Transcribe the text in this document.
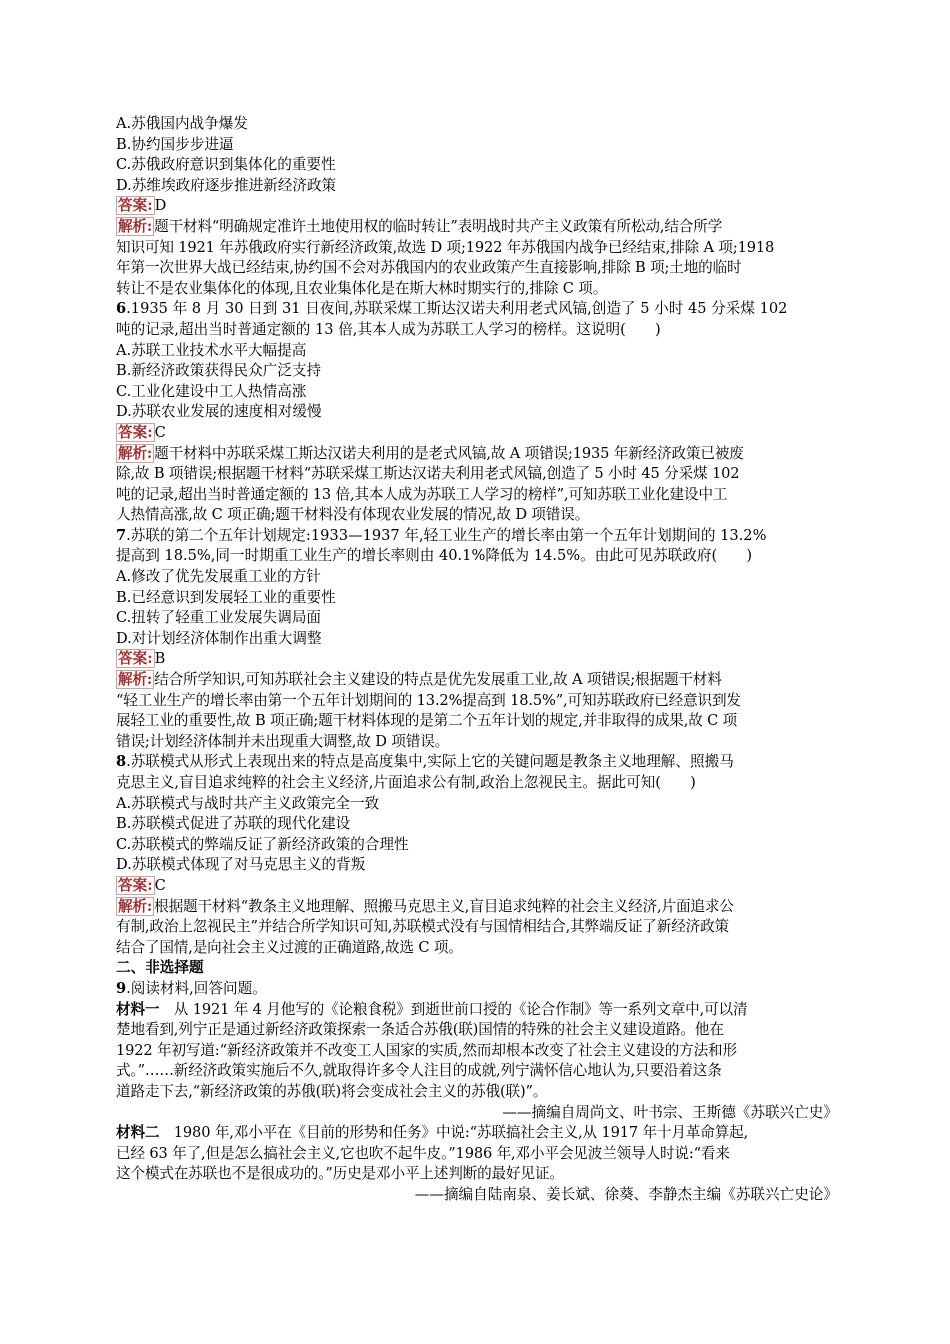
A.苏俄国内战争爆发
B.协约国步步进逼
C.苏俄政府意识到集体化的重要性
D.苏维埃政府逐步推进新经济政策
答案: D
解析: 题干材料“明确规定准许土地使用权的临时转让”表明战时共产主义政策有所松动,结合所学
知识可知 1921 年苏俄政府实行新经济政策,故选 D 项;1922 年苏俄国内战争已经结束,排除 A 项;1918
年第一次世界大战已经结束,协约国不会对苏俄国内的农业政策产生直接影响,排除 B 项;土地的临时
转让不是农业集体化的体现,且农业集体化是在斯大林时期实行的,排除 C 项。
6.1935 年 8 月 30 日到 31 日夜间,苏联采煤工斯达汉诺夫利用老式风镐,创造了 5 小时 45 分采煤 102
吨的记录,超出当时普通定额的 13 倍,其本人成为苏联工人学习的榜样。这说明(　　)
A.苏联工业技术水平大幅提高
B.新经济政策获得民众广泛支持
C.工业化建设中工人热情高涨
D.苏联农业发展的速度相对缓慢
答案: C
解析: 题干材料中苏联采煤工斯达汉诺夫利用的是老式风镐,故 A 项错误;1935 年新经济政策已被废
除,故 B 项错误;根据题干材料“苏联采煤工斯达汉诺夫利用老式风镐,创造了 5 小时 45 分采煤 102
吨的记录,超出当时普通定额的 13 倍,其本人成为苏联工人学习的榜样”,可知苏联工业化建设中工
人热情高涨,故 C 项正确;题干材料没有体现农业发展的情况,故 D 项错误。
7.苏联的第二个五年计划规定:1933—1937 年,轻工业生产的增长率由第一个五年计划期间的 13.2%
提高到 18.5%,同一时期重工业生产的增长率则由 40.1%降低为 14.5%。由此可见苏联政府(　　)
A.修改了优先发展重工业的方针
B.已经意识到发展轻工业的重要性
C.扭转了轻重工业发展失调局面
D.对计划经济体制作出重大调整
答案: B
解析: 结合所学知识,可知苏联社会主义建设的特点是优先发展重工业,故 A 项错误;根据题干材料
“轻工业生产的增长率由第一个五年计划期间的 13.2%提高到 18.5%”,可知苏联政府已经意识到发
展轻工业的重要性,故 B 项正确;题干材料体现的是第二个五年计划的规定,并非取得的成果,故 C 项
错误;计划经济体制并未出现重大调整,故 D 项错误。
8.苏联模式从形式上表现出来的特点是高度集中,实际上它的关键问题是教条主义地理解、照搬马
克思主义,盲目追求纯粹的社会主义经济,片面追求公有制,政治上忽视民主。据此可知(　　)
A.苏联模式与战时共产主义政策完全一致
B.苏联模式促进了苏联的现代化建设
C.苏联模式的弊端反证了新经济政策的合理性
D.苏联模式体现了对马克思主义的背叛
答案: C
解析: 根据题干材料“教条主义地理解、照搬马克思主义,盲目追求纯粹的社会主义经济,片面追求公
有制,政治上忽视民主”并结合所学知识可知,苏联模式没有与国情相结合,其弊端反证了新经济政策
结合了国情,是向社会主义过渡的正确道路,故选 C 项。
二、非选择题
9.阅读材料,回答问题。
材料一　从 1921 年 4 月他写的《论粮食税》到逝世前口授的《论合作制》等一系列文章中,可以清
楚地看到,列宁正是通过新经济政策探索一条适合苏俄(联)国情的特殊的社会主义建设道路。他在
1922 年初写道:“新经济政策并不改变工人国家的实质,然而却根本改变了社会主义建设的方法和形
式。”……新经济政策实施后不久,就取得许多令人注目的成就,列宁满怀信心地认为,只要沿着这条
道路走下去,“新经济政策的苏俄(联)将会变成社会主义的苏俄(联)”。
——摘编自周尚文、叶书宗、王斯德《苏联兴亡史》
材料二　1980 年,邓小平在《目前的形势和任务》中说:“苏联搞社会主义,从 1917 年十月革命算起,
已经 63 年了,但是怎么搞社会主义,它也吹不起牛皮。”1986 年,邓小平会见波兰领导人时说:“看来
这个模式在苏联也不是很成功的。”历史是邓小平上述判断的最好见证。
——摘编自陆南泉、姜长斌、徐葵、李静杰主编《苏联兴亡史论》
